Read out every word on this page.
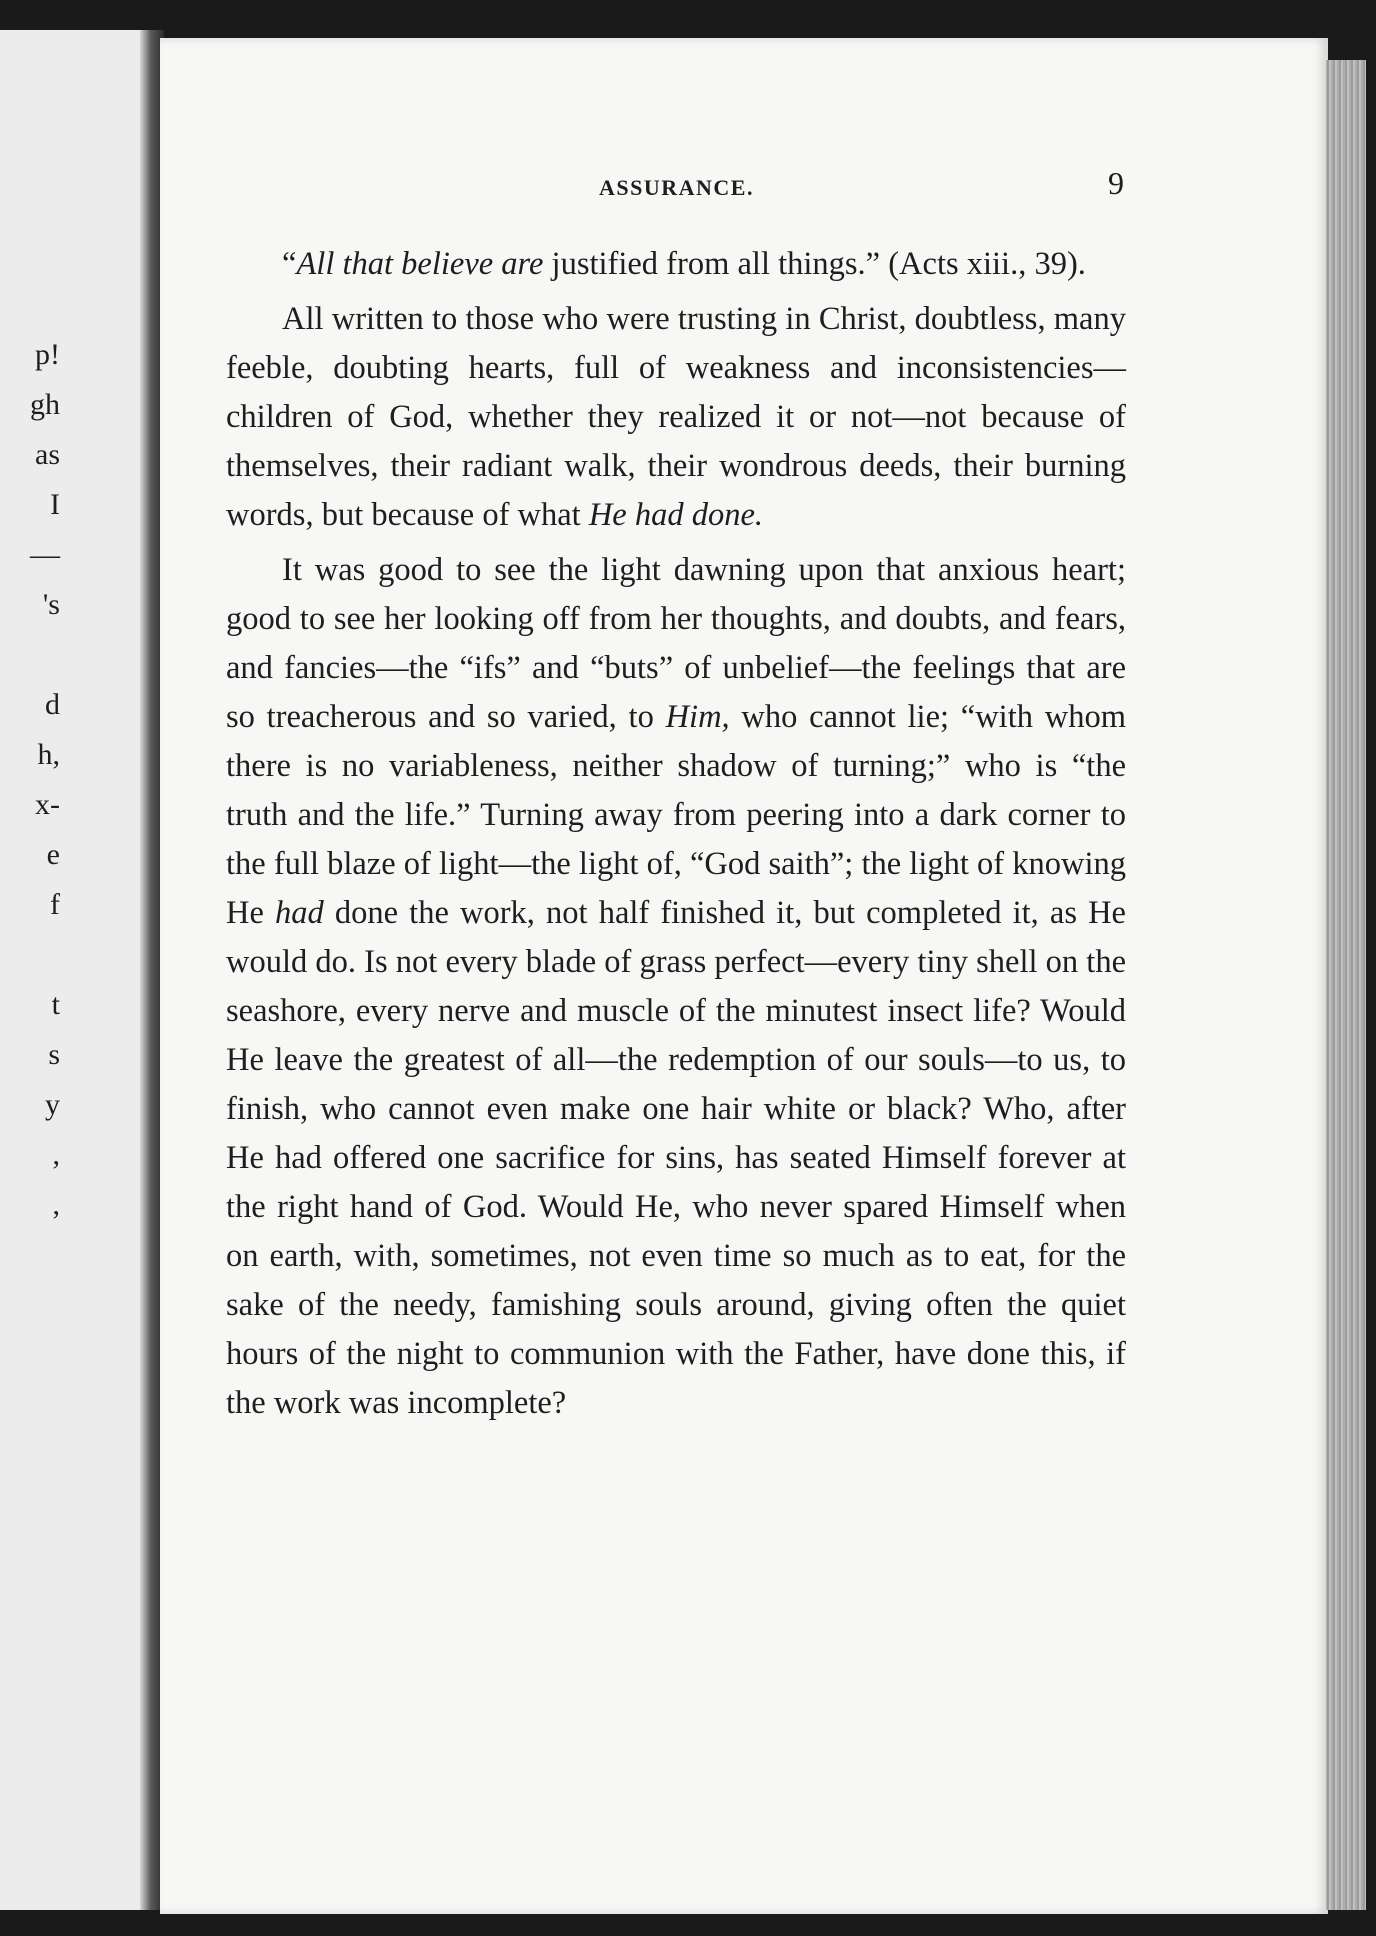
p!
gh
as
I
—
's
d
h,
x-
e
f
t
s
y
,
,
ASSURANCE.	9

“All that believe are justified from all things.” (Acts xiii., 39).

All written to those who were trusting in Christ, doubtless, many feeble, doubting hearts, full of weakness and inconsistencies—children of God, whether they realized it or not—not because of themselves, their radiant walk, their wondrous deeds, their burning words, but because of what He had done.

It was good to see the light dawning upon that anxious heart; good to see her looking off from her thoughts, and doubts, and fears, and fancies—the “ifs” and “buts” of unbelief—the feelings that are so treacherous and so varied, to Him, who cannot lie; “with whom there is no variableness, neither shadow of turning;” who is “the truth and the life.” Turning away from peering into a dark corner to the full blaze of light—the light of, “God saith”; the light of knowing He had done the work, not half finished it, but completed it, as He would do. Is not every blade of grass perfect—every tiny shell on the seashore, every nerve and muscle of the minutest insect life? Would He leave the greatest of all—the redemption of our souls—to us, to finish, who cannot even make one hair white or black? Who, after He had offered one sacrifice for sins, has seated Himself forever at the right hand of God. Would He, who never spared Himself when on earth, with, sometimes, not even time so much as to eat, for the sake of the needy, famishing souls around, giving often the quiet hours of the night to communion with the Father, have done this, if the work was incomplete?
